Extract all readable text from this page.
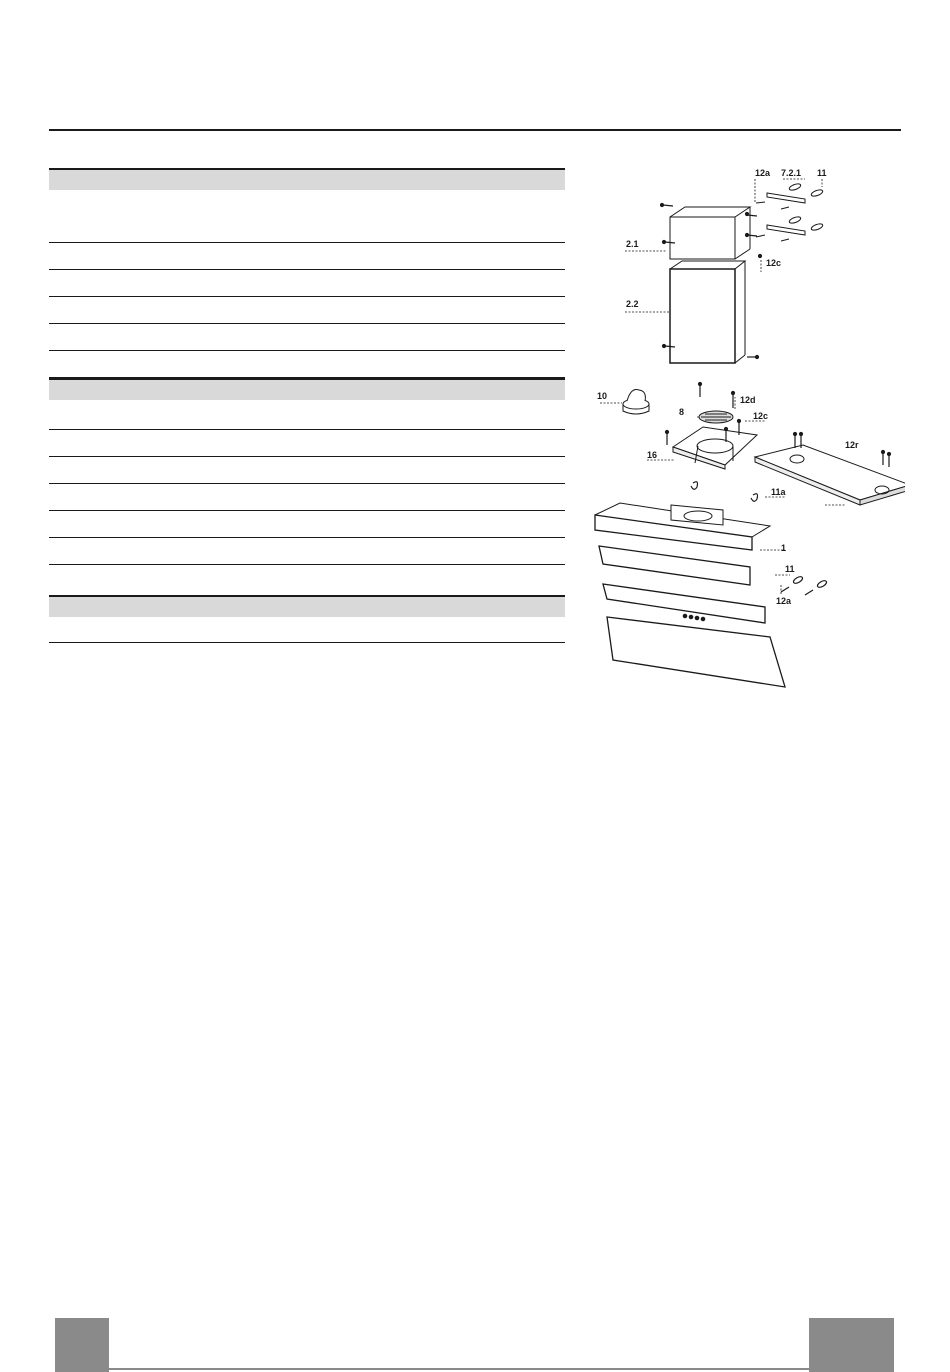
12a 7.2.1 11
2.1
12c
2.2
10	12d
8	12c
12r
16
11a
1
11
12a
